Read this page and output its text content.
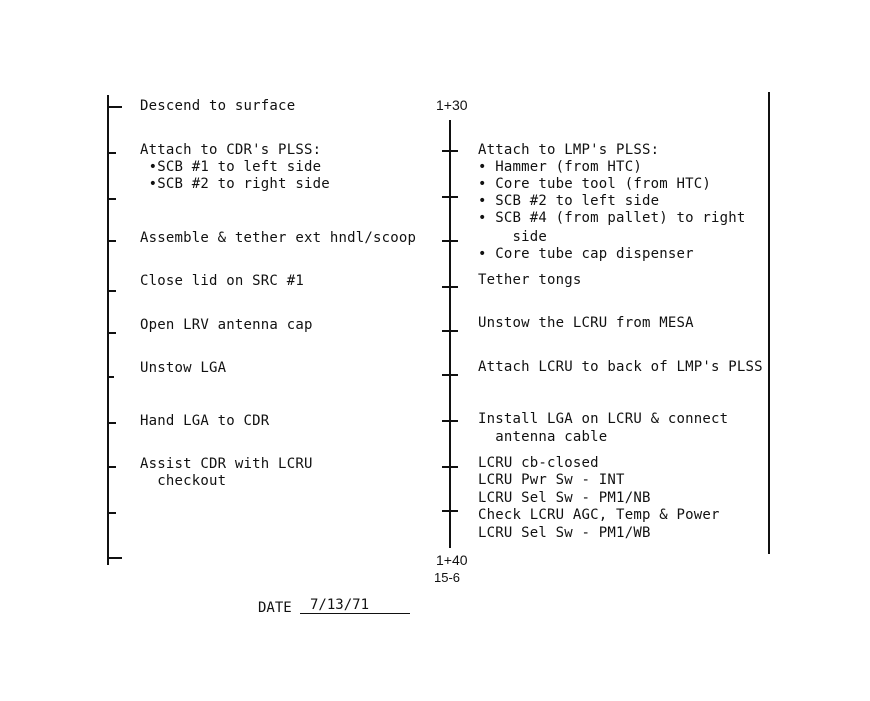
1+30
1+40
15-6
Descend to surface
Attach to CDR's PLSS:
•SCB #1 to left side
•SCB #2 to right side
Assemble & tether ext hndl/scoop
Close lid on SRC #1
Open LRV antenna cap
Unstow LGA
Hand LGA to CDR
Assist CDR with LCRU
checkout
Attach to LMP's PLSS:
• Hammer (from HTC)
• Core tube tool (from HTC)
• SCB #2 to left side
• SCB #4 (from pallet) to right
side
• Core tube cap dispenser
Tether tongs
Unstow the LCRU from MESA
Attach LCRU to back of LMP's PLSS
Install LGA on LCRU & connect
antenna cable
LCRU cb-closed
LCRU Pwr Sw - INT
LCRU Sel Sw - PM1/NB
Check LCRU AGC, Temp & Power
LCRU Sel Sw - PM1/WB
DATE	7/13/71
